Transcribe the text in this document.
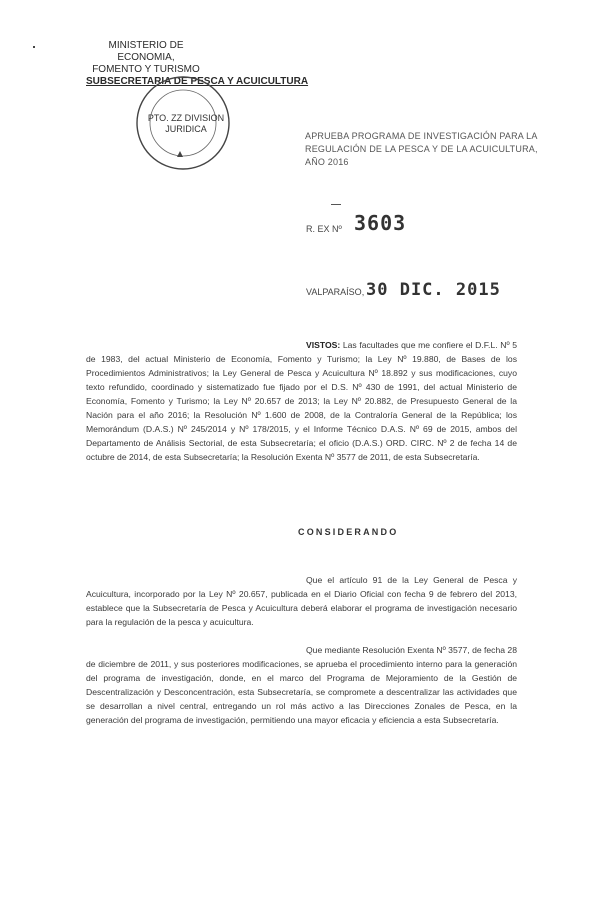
MINISTERIO DE
ECONOMIA,
FOMENTO Y TURISMO
SUBSECRETARIA DE PESCA Y ACUICULTURA
PTO. ZZ DIVISION
JURIDICA
APRUEBA PROGRAMA DE INVESTIGACIÓN PARA LA REGULACIÓN DE LA PESCA Y DE LA ACUICULTURA, AÑO 2016
R. EX Nº 3603
VALPARAÍSO, 30 DIC. 2015
VISTOS: Las facultades que me confiere el D.F.L. Nº 5 de 1983, del actual Ministerio de Economía, Fomento y Turismo; la Ley Nº 19.880, de Bases de los Procedimientos Administrativos; la Ley General de Pesca y Acuicultura Nº 18.892 y sus modificaciones, cuyo texto refundido, coordinado y sistematizado fue fijado por el D.S. Nº 430 de 1991, del actual Ministerio de Economía, Fomento y Turismo; la Ley Nº 20.657 de 2013; la Ley Nº 20.882, de Presupuesto General de la Nación para el año 2016; la Resolución Nº 1.600 de 2008, de la Contraloría General de la República; los Memorándum (D.A.S.) Nº 245/2014 y Nº 178/2015, y el Informe Técnico D.A.S. Nº 69 de 2015, ambos del Departamento de Análisis Sectorial, de esta Subsecretaría; el oficio (D.A.S.) ORD. CIRC. Nº 2 de fecha 14 de octubre de 2014, de esta Subsecretaría; la Resolución Exenta Nº 3577 de 2011, de esta Subsecretaría.
CONSIDERANDO
Que el artículo 91 de la Ley General de Pesca y Acuicultura, incorporado por la Ley Nº 20.657, publicada en el Diario Oficial con fecha 9 de febrero del 2013, establece que la Subsecretaría de Pesca y Acuicultura deberá elaborar el programa de investigación necesario para la regulación de la pesca y acuicultura.
Que mediante Resolución Exenta Nº 3577, de fecha 28 de diciembre de 2011, y sus posteriores modificaciones, se aprueba el procedimiento interno para la generación del programa de investigación, donde, en el marco del Programa de Mejoramiento de la Gestión de Descentralización y Desconcentración, esta Subsecretaría, se compromete a descentralizar las actividades que se desarrollan a nivel central, entregando un rol más activo a las Direcciones Zonales de Pesca, en la generación del programa de investigación, permitiendo una mayor eficacia y eficiencia a esta Subsecretaría.
